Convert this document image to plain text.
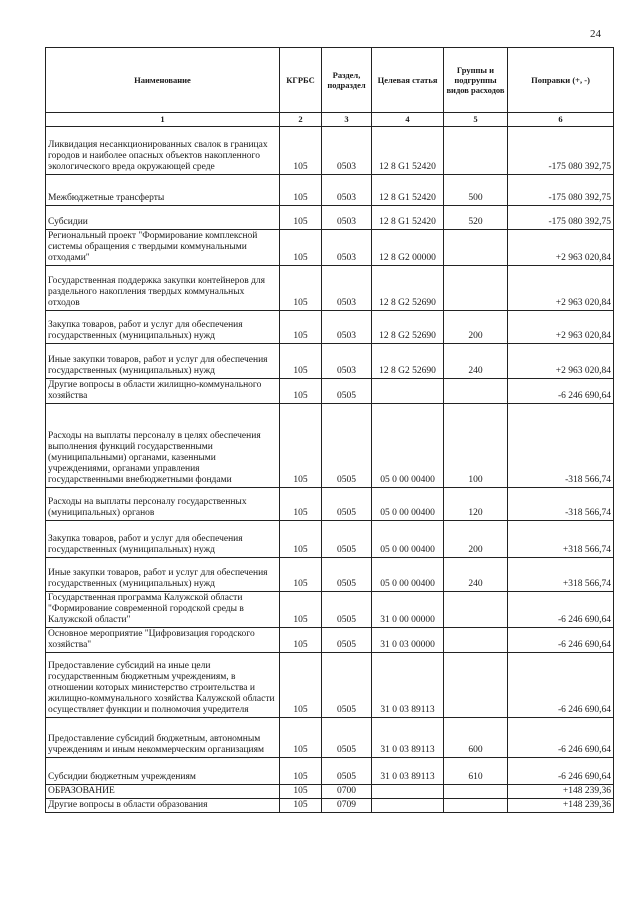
24
Наименование	КГРБС	Раздел, подраздел	Целевая статья	Группы и подгруппы видов расходов	Поправки (+, -)
1	2	3	4	5	6
Ликвидация несанкционированных свалок в границах городов и наиболее опасных объектов накопленного экологического вреда окружающей среде	105	0503	12 8 G1 52420		-175 080 392,75
Межбюджетные трансферты	105	0503	12 8 G1 52420	500	-175 080 392,75
Субсидии	105	0503	12 8 G1 52420	520	-175 080 392,75
Региональный проект "Формирование комплексной системы обращения с твердыми коммунальными отходами"	105	0503	12 8 G2 00000		+2 963 020,84
Государственная поддержка закупки контейнеров для раздельного накопления твердых коммунальных отходов	105	0503	12 8 G2 52690		+2 963 020,84
Закупка товаров, работ и услуг для обеспечения государственных (муниципальных) нужд	105	0503	12 8 G2 52690	200	+2 963 020,84
Иные закупки товаров, работ и услуг для обеспечения государственных (муниципальных) нужд	105	0503	12 8 G2 52690	240	+2 963 020,84
Другие вопросы в области жилищно-коммунального хозяйства	105	0505			-6 246 690,64
Расходы на выплаты персоналу в целях обеспечения выполнения функций государственными (муниципальными) органами, казенными учреждениями, органами управления государственными внебюджетными фондами	105	0505	05 0 00 00400	100	-318 566,74
Расходы на выплаты персоналу государственных (муниципальных) органов	105	0505	05 0 00 00400	120	-318 566,74
Закупка товаров, работ и услуг для обеспечения государственных (муниципальных) нужд	105	0505	05 0 00 00400	200	+318 566,74
Иные закупки товаров, работ и услуг для обеспечения государственных (муниципальных) нужд	105	0505	05 0 00 00400	240	+318 566,74
Государственная программа Калужской области "Формирование современной городской среды в Калужской области"	105	0505	31 0 00 00000		-6 246 690,64
Основное мероприятие "Цифровизация городского хозяйства"	105	0505	31 0 03 00000		-6 246 690,64
Предоставление субсидий на иные цели государственным бюджетным учреждениям, в отношении которых министерство строительства и жилищно-коммунального хозяйства Калужской области осуществляет функции и полномочия учредителя	105	0505	31 0 03 89113		-6 246 690,64
Предоставление субсидий бюджетным, автономным учреждениям и иным некоммерческим организациям	105	0505	31 0 03 89113	600	-6 246 690,64
Субсидии бюджетным учреждениям	105	0505	31 0 03 89113	610	-6 246 690,64
ОБРАЗОВАНИЕ	105	0700			+148 239,36
Другие вопросы в области образования	105	0709			+148 239,36
